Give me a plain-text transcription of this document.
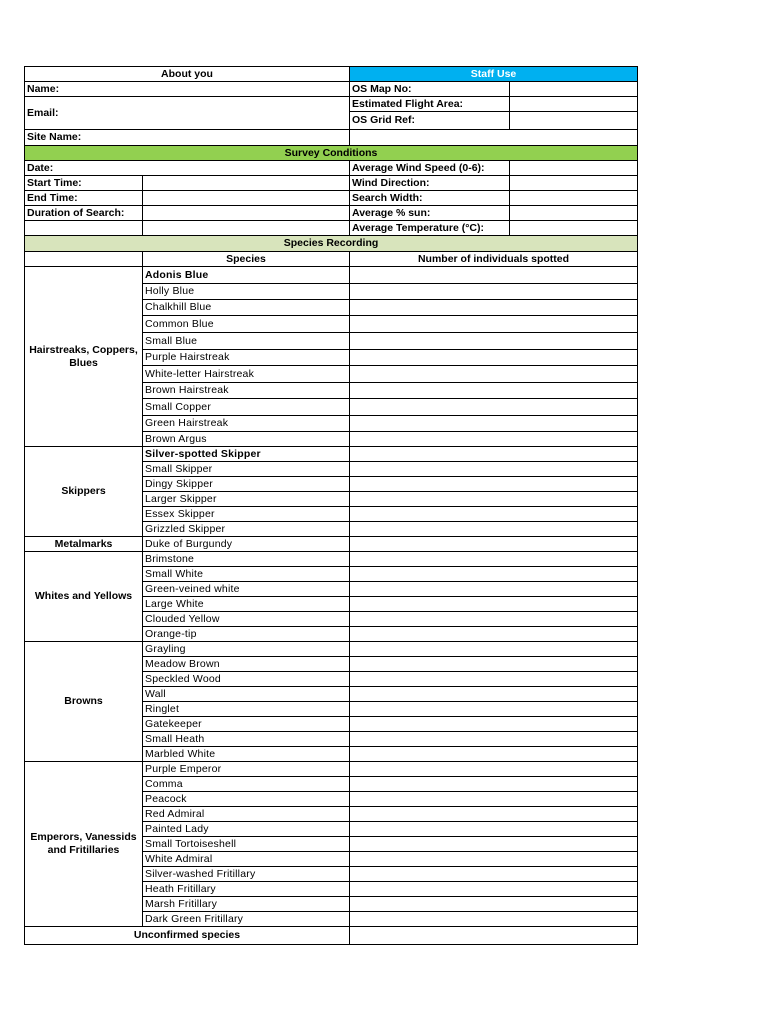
About you		Staff Use	
Name:		OS Map No:	
Email:		Estimated Flight Area:	
		OS Grid Ref:	
Site Name:			
Survey Conditions			
Date:		Average Wind Speed (0-6):	
Start Time:		Wind Direction:	
End Time:		Search Width:	
Duration of Search:		Average % sun:	
		Average Temperature (°C):	
Species Recording			
	Species	Number of individuals spotted	
Hairstreaks, Coppers, Blues	Adonis Blue		
	Holly Blue		
	Chalkhill Blue		
	Common Blue		
	Small Blue		
	Purple Hairstreak		
	White-letter Hairstreak		
	Brown Hairstreak		
	Small Copper		
	Green Hairstreak		
	Brown Argus		
Skippers	Silver-spotted Skipper		
	Small Skipper		
	Dingy Skipper		
	Larger Skipper		
	Essex Skipper		
	Grizzled Skipper		
Metalmarks	Duke of Burgundy		
Whites and Yellows	Brimstone		
	Small White		
	Green-veined white		
	Large White		
	Clouded Yellow		
	Orange-tip		
Browns	Grayling		
	Meadow Brown		
	Speckled Wood		
	Wall		
	Ringlet		
	Gatekeeper		
	Small Heath		
	Marbled White		
Emperors, Vanessids and Fritillaries	Purple Emperor		
	Comma		
	Peacock		
	Red Admiral		
	Painted Lady		
	Small Tortoiseshell		
	White Admiral		
	Silver-washed Fritillary		
	Heath Fritillary		
	Marsh Fritillary		
	Dark Green Fritillary		
Unconfirmed species			
